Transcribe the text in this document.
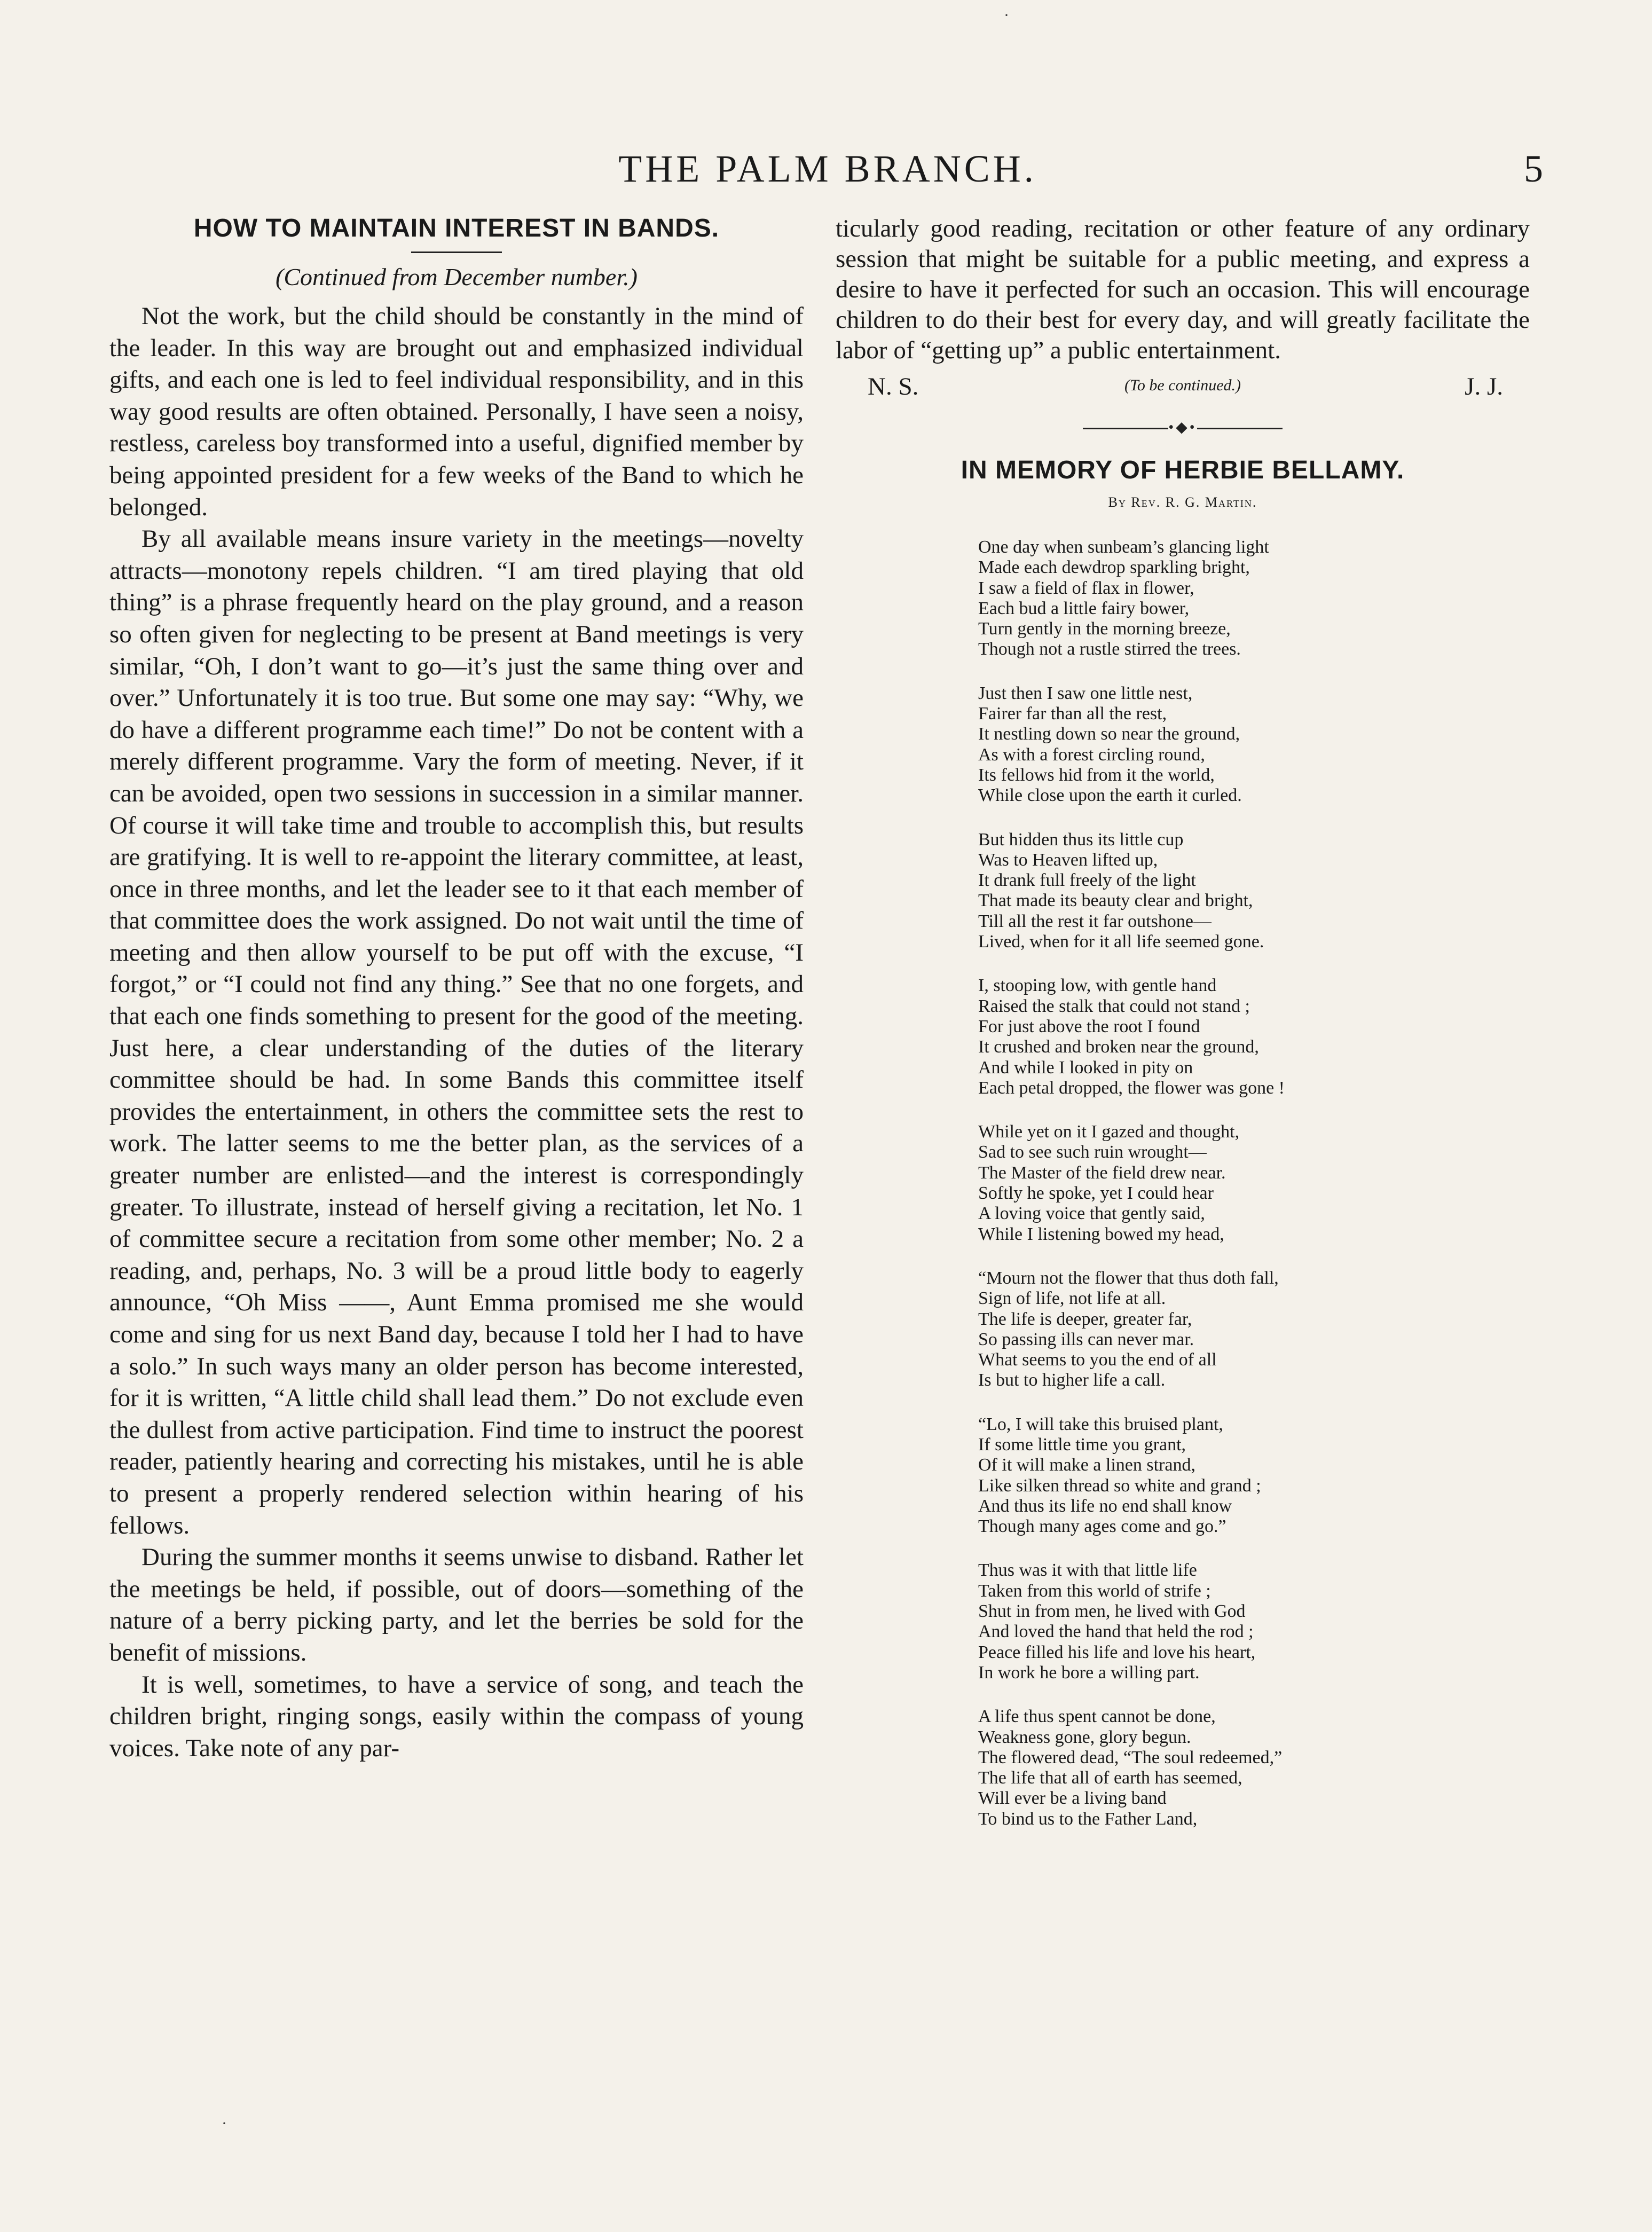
THE PALM BRANCH.	5
HOW TO MAINTAIN INTEREST IN BANDS.
(Continued from December number.)

Not the work, but the child should be constantly in the mind of the leader. In this way are brought out and emphasized individual gifts, and each one is led to feel individual responsibility, and in this way good results are often obtained. Personally, I have seen a noisy, restless, careless boy transformed into a useful, dignified member by being appointed president for a few weeks of the Band to which he belonged.

By all available means insure variety in the meetings—novelty attracts—monotony repels children. “I am tired playing that old thing” is a phrase frequently heard on the play ground, and a reason so often given for neglecting to be present at Band meetings is very similar, “Oh, I don’t want to go—it’s just the same thing over and over.” Unfortunately it is too true. But some one may say: “Why, we do have a different programme each time!” Do not be content with a merely different programme. Vary the form of meeting. Never, if it can be avoided, open two sessions in succession in a similar manner. Of course it will take time and trouble to accomplish this, but results are gratifying. It is well to re-appoint the literary committee, at least, once in three months, and let the leader see to it that each member of that committee does the work assigned. Do not wait until the time of meeting and then allow yourself to be put off with the excuse, “I forgot,” or “I could not find any thing.” See that no one forgets, and that each one finds something to present for the good of the meeting. Just here, a clear understanding of the duties of the literary committee should be had. In some Bands this committee itself provides the entertainment, in others the committee sets the rest to work. The latter seems to me the better plan, as the services of a greater number are enlisted—and the interest is correspondingly greater. To illustrate, instead of herself giving a recitation, let No. 1 of committee secure a recitation from some other member; No. 2 a reading, and, perhaps, No. 3 will be a proud little body to eagerly announce, “Oh Miss ——, Aunt Emma promised me she would come and sing for us next Band day, because I told her I had to have a solo.” In such ways many an older person has become interested, for it is written, “A little child shall lead them.” Do not exclude even the dullest from active participation. Find time to instruct the poorest reader, patiently hearing and correcting his mistakes, until he is able to present a properly rendered selection within hearing of his fellows.

During the summer months it seems unwise to disband. Rather let the meetings be held, if possible, out of doors—something of the nature of a berry picking party, and let the berries be sold for the benefit of missions.

It is well, sometimes, to have a service of song, and teach the children bright, ringing songs, easily within the compass of young voices. Take note of any par-

ticularly good reading, recitation or other feature of any ordinary session that might be suitable for a public meeting, and express a desire to have it perfected for such an occasion. This will encourage children to do their best for every day, and will greatly facilitate the labor of “getting up” a public entertainment.

N. S.	(To be continued.)	J. J.
•◆•
IN MEMORY OF HERBIE BELLAMY.
By Rev. R. G. Martin.
One day when sunbeam’s glancing light
Made each dewdrop sparkling bright,
I saw a field of flax in flower,
Each bud a little fairy bower,
Turn gently in the morning breeze,
Though not a rustle stirred the trees.
Just then I saw one little nest,
Fairer far than all the rest,
It nestling down so near the ground,
As with a forest circling round,
Its fellows hid from it the world,
While close upon the earth it curled.
But hidden thus its little cup
Was to Heaven lifted up,
It drank full freely of the light
That made its beauty clear and bright,
Till all the rest it far outshone—
Lived, when for it all life seemed gone.
I, stooping low, with gentle hand
Raised the stalk that could not stand ;
For just above the root I found
It crushed and broken near the ground,
And while I looked in pity on
Each petal dropped, the flower was gone !
While yet on it I gazed and thought,
Sad to see such ruin wrought—
The Master of the field drew near.
Softly he spoke, yet I could hear
A loving voice that gently said,
While I listening bowed my head,
“Mourn not the flower that thus doth fall,
Sign of life, not life at all.
The life is deeper, greater far,
So passing ills can never mar.
What seems to you the end of all
Is but to higher life a call.
“Lo, I will take this bruised plant,
If some little time you grant,
Of it will make a linen strand,
Like silken thread so white and grand ;
And thus its life no end shall know
Though many ages come and go.”
Thus was it with that little life
Taken from this world of strife ;
Shut in from men, he lived with God
And loved the hand that held the rod ;
Peace filled his life and love his heart,
In work he bore a willing part.
A life thus spent cannot be done,
Weakness gone, glory begun.
The flowered dead, “The soul redeemed,”
The life that all of earth has seemed,
Will ever be a living band
To bind us to the Father Land,
·
·
